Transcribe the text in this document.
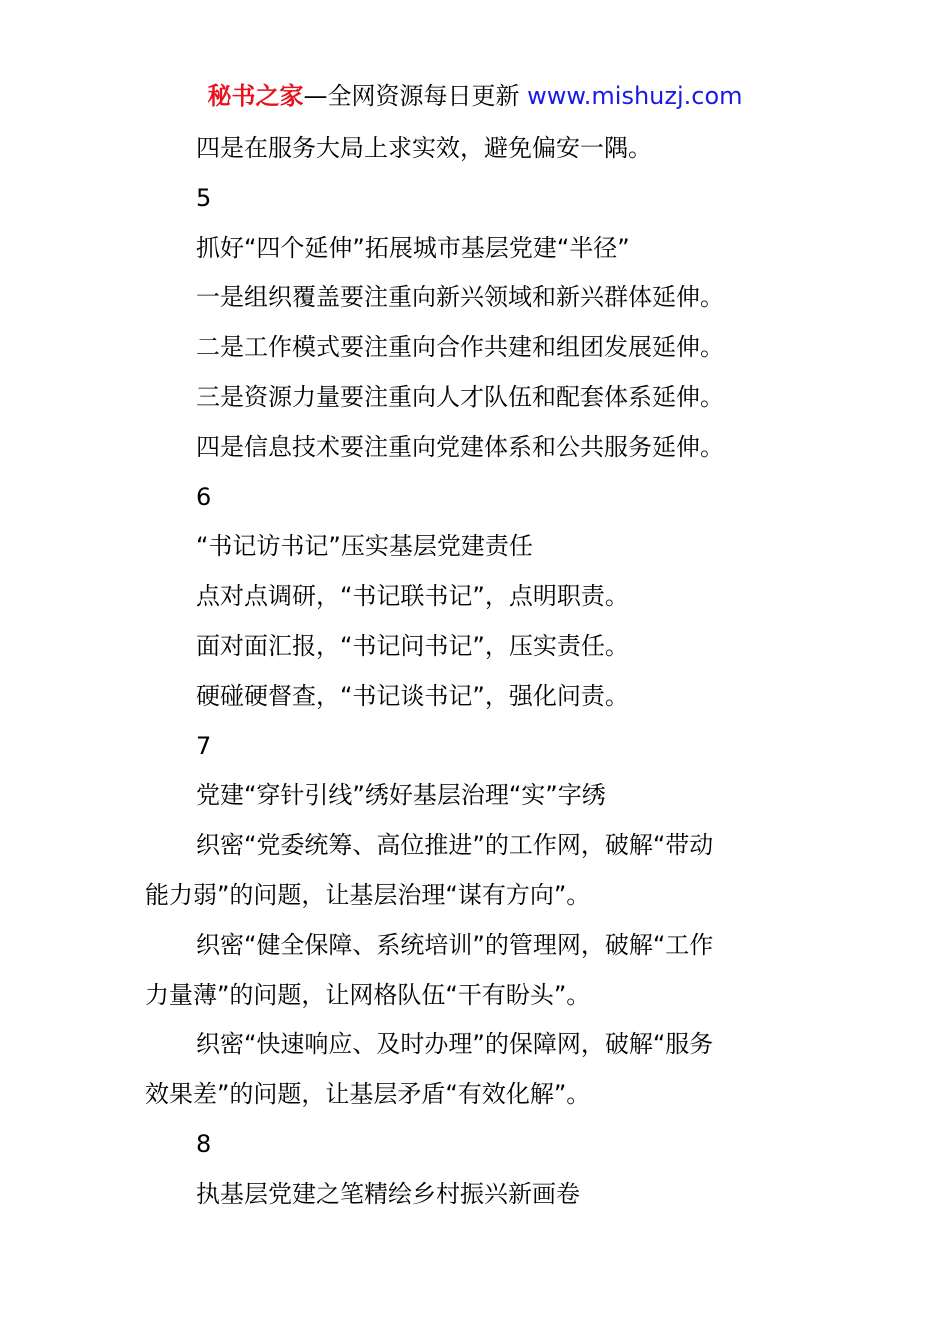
秘书之家—全网资源每日更新 www.mishuzj.com

四是在服务大局上求实效，避免偏安一隅。

5

抓好“四个延伸”拓展城市基层党建“半径”

一是组织覆盖要注重向新兴领域和新兴群体延伸。

二是工作模式要注重向合作共建和组团发展延伸。

三是资源力量要注重向人才队伍和配套体系延伸。

四是信息技术要注重向党建体系和公共服务延伸。

6

“书记访书记”压实基层党建责任

点对点调研，“书记联书记”，点明职责。

面对面汇报，“书记问书记”，压实责任。

硬碰硬督查，“书记谈书记”，强化问责。

7

党建“穿针引线”绣好基层治理“实”字绣

织密“党委统筹、高位推进”的工作网，破解“带动
能力弱”的问题，让基层治理“谋有方向”。
织密“健全保障、系统培训”的管理网，破解“工作
力量薄”的问题，让网格队伍“干有盼头”。
织密“快速响应、及时办理”的保障网，破解“服务
效果差”的问题，让基层矛盾“有效化解”。

8

执基层党建之笔精绘乡村振兴新画卷
